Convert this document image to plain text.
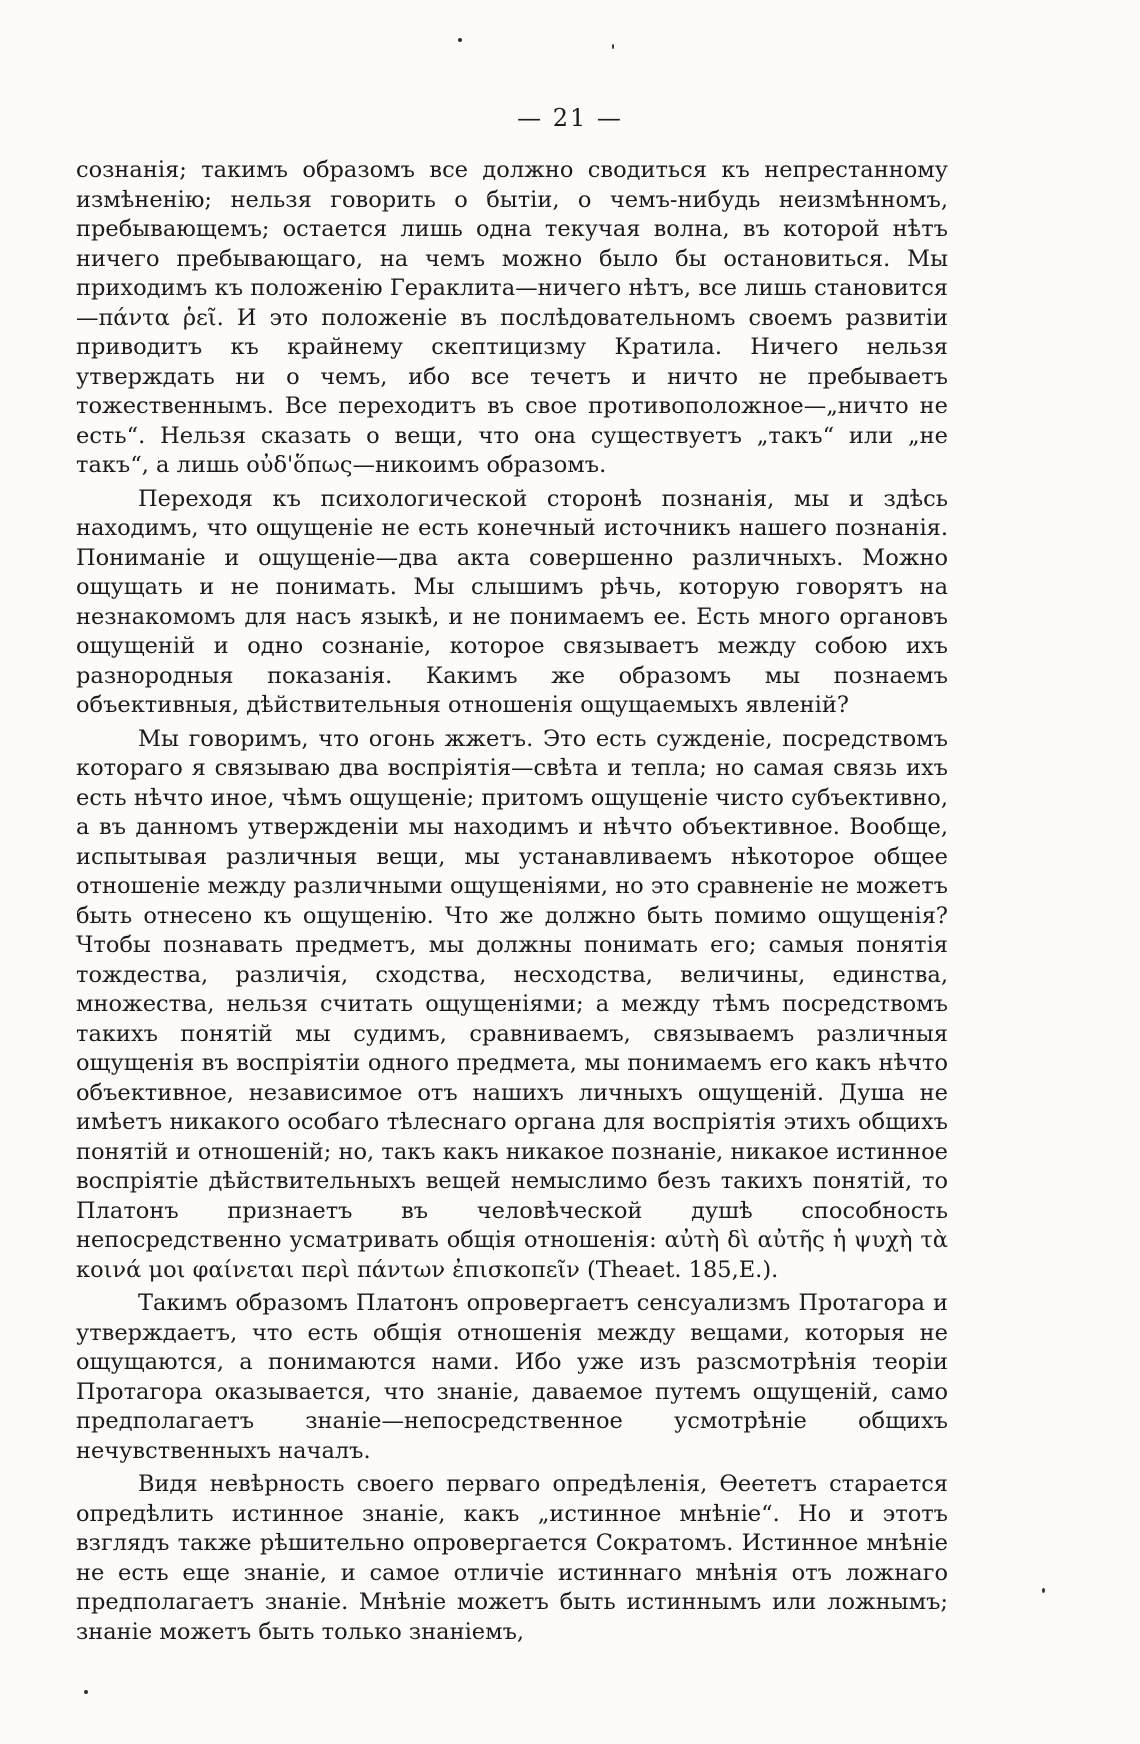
— 21 —

сознанія; такимъ образомъ все должно сводиться къ непрестанному измѣненію; нельзя говорить о бытіи, о чемъ-нибудь неизмѣнномъ, пребывающемъ; остается лишь одна текучая волна, въ которой нѣтъ ничего пребывающаго, на чемъ можно было бы остановиться. Мы приходимъ къ положенію Гераклита—ничего нѣтъ, все лишь становится—πάντα ῥεῖ. И это положеніе въ послѣдовательномъ своемъ развитіи приводитъ къ крайнему скептицизму Кратила. Ничего нельзя утверждать ни о чемъ, ибо все течетъ и ничто не пребываетъ тожественнымъ. Все переходитъ въ свое противоположное—„ничто не есть“. Нельзя сказать о вещи, что она существуетъ „такъ“ или „не такъ“, а лишь οὐδ'ὅπως—никоимъ образомъ.

Переходя къ психологической сторонѣ познанія, мы и здѣсь находимъ, что ощущеніе не есть конечный источникъ нашего познанія. Пониманіе и ощущеніе—два акта совершенно различныхъ. Можно ощущать и не понимать. Мы слышимъ рѣчь, которую говорятъ на незнакомомъ для насъ языкѣ, и не понимаемъ ее. Есть много органовъ ощущеній и одно сознаніе, которое связываетъ между собою ихъ разнородныя показанія. Какимъ же образомъ мы познаемъ объективныя, дѣйствительныя отношенія ощущаемыхъ явленій?

Мы говоримъ, что огонь жжетъ. Это есть сужденіе, посредствомъ котораго я связываю два воспріятія—свѣта и тепла; но самая связь ихъ есть нѣчто иное, чѣмъ ощущеніе; притомъ ощущеніе чисто субъективно, а въ данномъ утвержденіи мы находимъ и нѣчто объективное. Вообще, испытывая различныя вещи, мы устанавливаемъ нѣкоторое общее отношеніе между различными ощущеніями, но это сравненіе не можетъ быть отнесено къ ощущенію. Что же должно быть помимо ощущенія? Чтобы познавать предметъ, мы должны понимать его; самыя понятія тождества, различія, сходства, несходства, величины, единства, множества, нельзя считать ощущеніями; а между тѣмъ посредствомъ такихъ понятій мы судимъ, сравниваемъ, связываемъ различныя ощущенія въ воспріятіи одного предмета, мы понимаемъ его какъ нѣчто объективное, независимое отъ нашихъ личныхъ ощущеній. Душа не имѣетъ никакого особаго тѣлеснаго органа для воспріятія этихъ общихъ понятій и отношеній; но, такъ какъ никакое познаніе, никакое истинное воспріятіе дѣйствительныхъ вещей немыслимо безъ такихъ понятій, то Платонъ признаетъ въ человѣческой душѣ способность непосредственно усматривать общія отношенія: αὐτὴ δὶ αὐτῆς ἡ ψυχὴ τὰ κοινά μοι φαίνεται περὶ πάντων ἐπισκοπεῖν (Theaet. 185,E.).

Такимъ образомъ Платонъ опровергаетъ сенсуализмъ Протагора и утверждаетъ, что есть общія отношенія между вещами, которыя не ощущаются, а понимаются нами. Ибо уже изъ разсмотрѣнія теоріи Протагора оказывается, что знаніе, даваемое путемъ ощущеній, само предполагаетъ знаніе—непосредственное усмотрѣніе общихъ нечувственныхъ началъ.

Видя невѣрность своего перваго опредѣленія, Ѳеететъ старается опредѣлить истинное знаніе, какъ „истинное мнѣніе“. Но и этотъ взглядъ также рѣшительно опровергается Сократомъ. Истинное мнѣніе не есть еще знаніе, и самое отличіе истиннаго мнѣнія отъ ложнаго предполагаетъ знаніе. Мнѣніе можетъ быть истиннымъ или ложнымъ; знаніе можетъ быть только знаніемъ,
